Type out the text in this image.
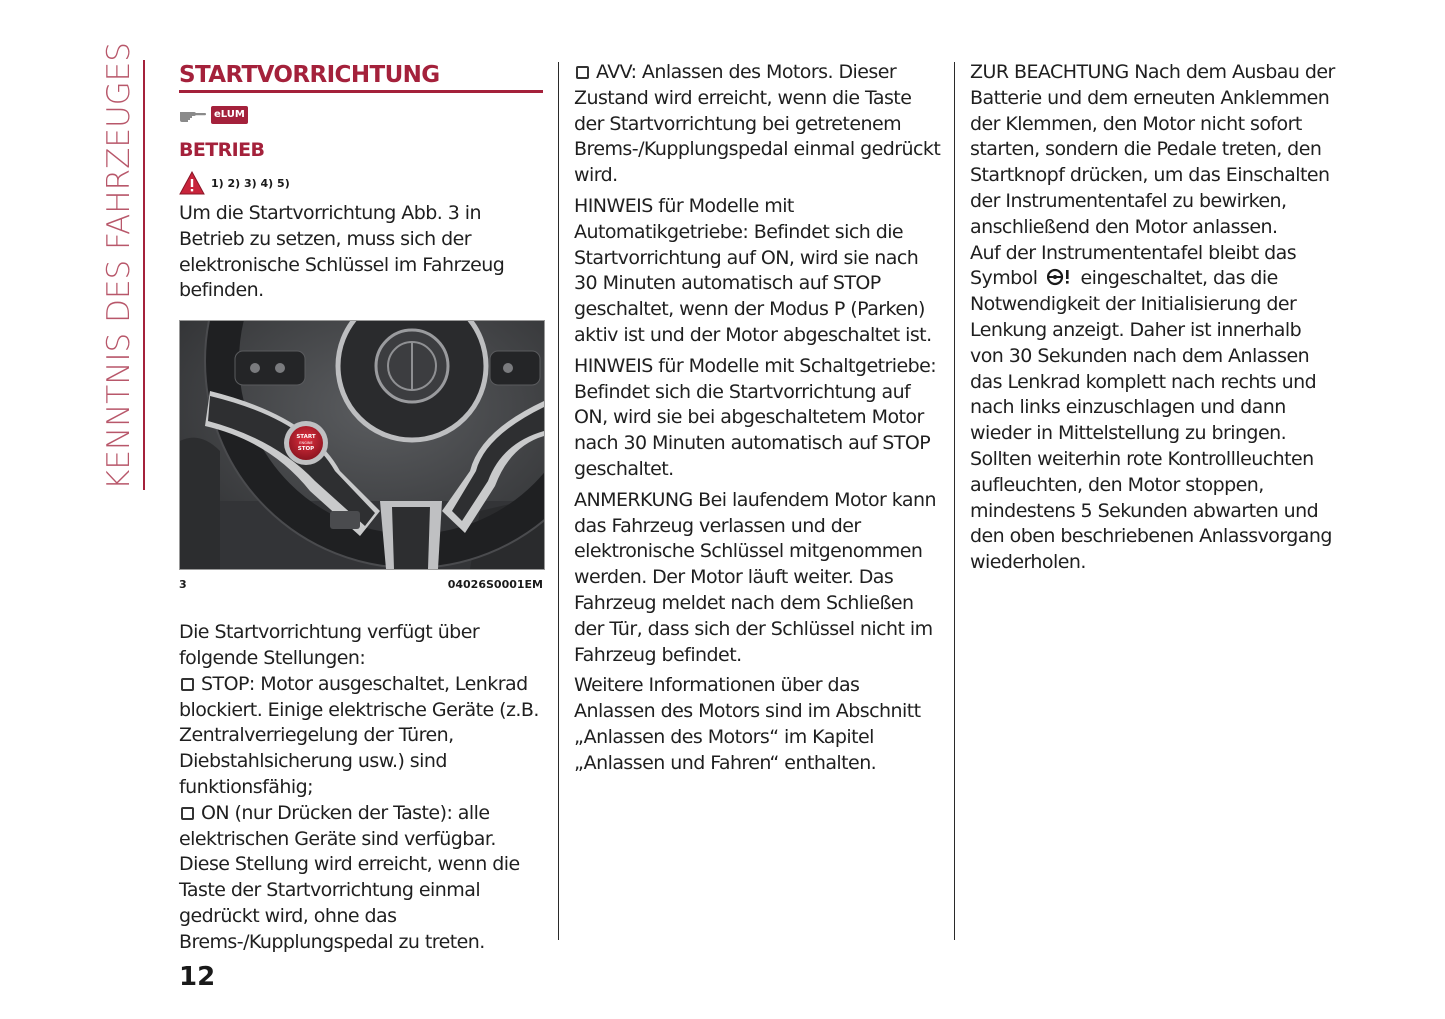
KENNTNIS DES FAHRZEUGES STARTVORRICHTUNG
eLUM
BETRIEB
1) 2) 3) 4) 5)

Um die Startvorrichtung Abb. 3 in Betrieb zu setzen, muss sich der elektronische Schlüssel im Fahrzeug befinden.

START
ENGINE
STOP
3	04026S0001EM

Die Startvorrichtung verfügt über folgende Stellungen:

STOP: Motor ausgeschaltet, Lenkrad blockiert. Einige elektrische Geräte (z.B. Zentralverriegelung der Türen, Diebstahlsicherung usw.) sind funktionsfähig;

ON (nur Drücken der Taste): alle elektrischen Geräte sind verfügbar. Diese Stellung wird erreicht, wenn die Taste der Startvorrichtung einmal gedrückt wird, ohne das Brems-/Kupplungspedal zu treten.

AVV: Anlassen des Motors. Dieser Zustand wird erreicht, wenn die Taste der Startvorrichtung bei getretenem Brems-/Kupplungspedal einmal gedrückt wird.

HINWEIS für Modelle mit Automatikgetriebe: Befindet sich die Startvorrichtung auf ON, wird sie nach 30 Minuten automatisch auf STOP geschaltet, wenn der Modus P (Parken) aktiv ist und der Motor abgeschaltet ist.

HINWEIS für Modelle mit Schaltgetriebe: Befindet sich die Startvorrichtung auf ON, wird sie bei abgeschaltetem Motor nach 30 Minuten automatisch auf STOP geschaltet.

ANMERKUNG Bei laufendem Motor kann das Fahrzeug verlassen und der elektronische Schlüssel mitgenommen werden. Der Motor läuft weiter. Das Fahrzeug meldet nach dem Schließen der Tür, dass sich der Schlüssel nicht im Fahrzeug befindet.

Weitere Informationen über das Anlassen des Motors sind im Abschnitt „Anlassen des Motors“ im Kapitel „Anlassen und Fahren“ enthalten.

ZUR BEACHTUNG Nach dem Ausbau der Batterie und dem erneuten Anklemmen der Klemmen, den Motor nicht sofort starten, sondern die Pedale treten, den Startknopf drücken, um das Einschalten der Instrumententafel zu bewirken, anschließend den Motor anlassen.

Auf der Instrumententafel bleibt das Symbol eingeschaltet, das die Notwendigkeit der Initialisierung der Lenkung anzeigt. Daher ist innerhalb von 30 Sekunden nach dem Anlassen das Lenkrad komplett nach rechts und nach links einzuschlagen und dann wieder in Mittelstellung zu bringen. Sollten weiterhin rote Kontrollleuchten aufleuchten, den Motor stoppen, mindestens 5 Sekunden abwarten und den oben beschriebenen Anlassvorgang wiederholen.

12
